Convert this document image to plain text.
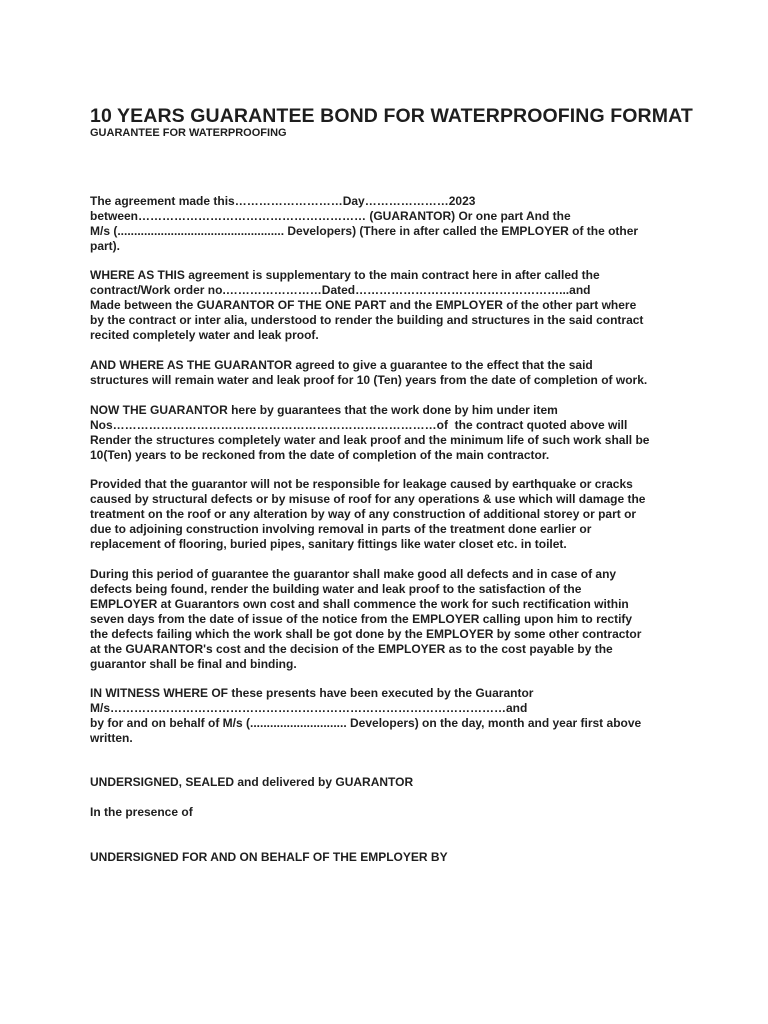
10 YEARS GUARANTEE BOND FOR WATERPROOFING FORMAT

GUARANTEE FOR WATERPROOFING

The agreement made this………………………Day…………………2023

between………………………………………………… (GUARANTOR) Or one part And the

M/s (.................................................. Developers) (There in after called the EMPLOYER of the other

part).

WHERE AS THIS agreement is supplementary to the main contract here in after called the

contract/Work order no.……………………Dated……………………………………………...and

Made between the GUARANTOR OF THE ONE PART and the EMPLOYER of the other part where

by the contract or inter alia, understood to render the building and structures in the said contract

recited completely water and leak proof.

AND WHERE AS THE GUARANTOR agreed to give a guarantee to the effect that the said

structures will remain water and leak proof for 10 (Ten) years from the date of completion of work.

NOW THE GUARANTOR here by guarantees that the work done by him under item

Nos………………………………………………………………………of  the contract quoted above will

Render the structures completely water and leak proof and the minimum life of such work shall be

10(Ten) years to be reckoned from the date of completion of the main contractor.

Provided that the guarantor will not be responsible for leakage caused by earthquake or cracks

caused by structural defects or by misuse of roof for any operations & use which will damage the

treatment on the roof or any alteration by way of any construction of additional storey or part or

due to adjoining construction involving removal in parts of the treatment done earlier or

replacement of flooring, buried pipes, sanitary fittings like water closet etc. in toilet.

During this period of guarantee the guarantor shall make good all defects and in case of any

defects being found, render the building water and leak proof to the satisfaction of the

EMPLOYER at Guarantors own cost and shall commence the work for such rectification within

seven days from the date of issue of the notice from the EMPLOYER calling upon him to rectify

the defects failing which the work shall be got done by the EMPLOYER by some other contractor

at the GUARANTOR's cost and the decision of the EMPLOYER as to the cost payable by the

guarantor shall be final and binding.

IN WITNESS WHERE OF these presents have been executed by the Guarantor

M/s………………………………………………………………………………………and

by for and on behalf of M/s (............................. Developers) on the day, month and year first above

written.

UNDERSIGNED, SEALED and delivered by GUARANTOR

In the presence of

UNDERSIGNED FOR AND ON BEHALF OF THE EMPLOYER BY
